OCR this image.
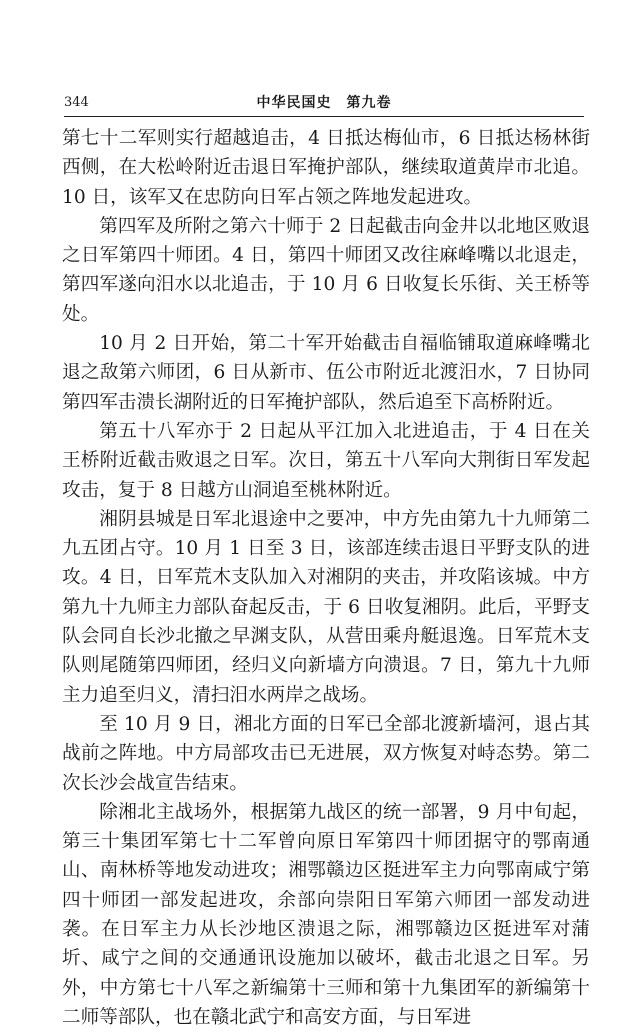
344	中华民国史　第九卷

第七十二军则实行超越追击，4 日抵达梅仙市，6 日抵达杨林街西侧，在大松岭附近击退日军掩护部队，继续取道黄岸市北追。10 日，该军又在忠防向日军占领之阵地发起进攻。

第四军及所附之第六十师于 2 日起截击向金井以北地区败退之日军第四十师团。4 日，第四十师团又改往麻峰嘴以北退走，第四军遂向汨水以北追击，于 10 月 6 日收复长乐街、关王桥等处。

10 月 2 日开始，第二十军开始截击自福临铺取道麻峰嘴北退之敌第六师团，6 日从新市、伍公市附近北渡汨水，7 日协同第四军击溃长湖附近的日军掩护部队，然后追至下高桥附近。

第五十八军亦于 2 日起从平江加入北进追击，于 4 日在关王桥附近截击败退之日军。次日，第五十八军向大荆街日军发起攻击，复于 8 日越方山洞追至桃林附近。

湘阴县城是日军北退途中之要冲，中方先由第九十九师第二九五团占守。10 月 1 日至 3 日，该部连续击退日平野支队的进攻。4 日，日军荒木支队加入对湘阴的夹击，并攻陷该城。中方第九十九师主力部队奋起反击，于 6 日收复湘阴。此后，平野支队会同自长沙北撤之早渊支队，从营田乘舟艇退逸。日军荒木支队则尾随第四师团，经归义向新墙方向溃退。7 日，第九十九师主力追至归义，清扫汨水两岸之战场。

至 10 月 9 日，湘北方面的日军已全部北渡新墙河，退占其战前之阵地。中方局部攻击已无进展，双方恢复对峙态势。第二次长沙会战宣告结束。

除湘北主战场外，根据第九战区的统一部署，9 月中旬起，第三十集团军第七十二军曾向原日军第四十师团据守的鄂南通山、南林桥等地发动进攻；湘鄂赣边区挺进军主力向鄂南咸宁第四十师团一部发起进攻，余部向崇阳日军第六师团一部发动进袭。在日军主力从长沙地区溃退之际，湘鄂赣边区挺进军对蒲圻、咸宁之间的交通通讯设施加以破坏，截击北退之日军。另外，中方第七十八军之新编第十三师和第十九集团军的新编第十二师等部队，也在赣北武宁和高安方面，与日军进
